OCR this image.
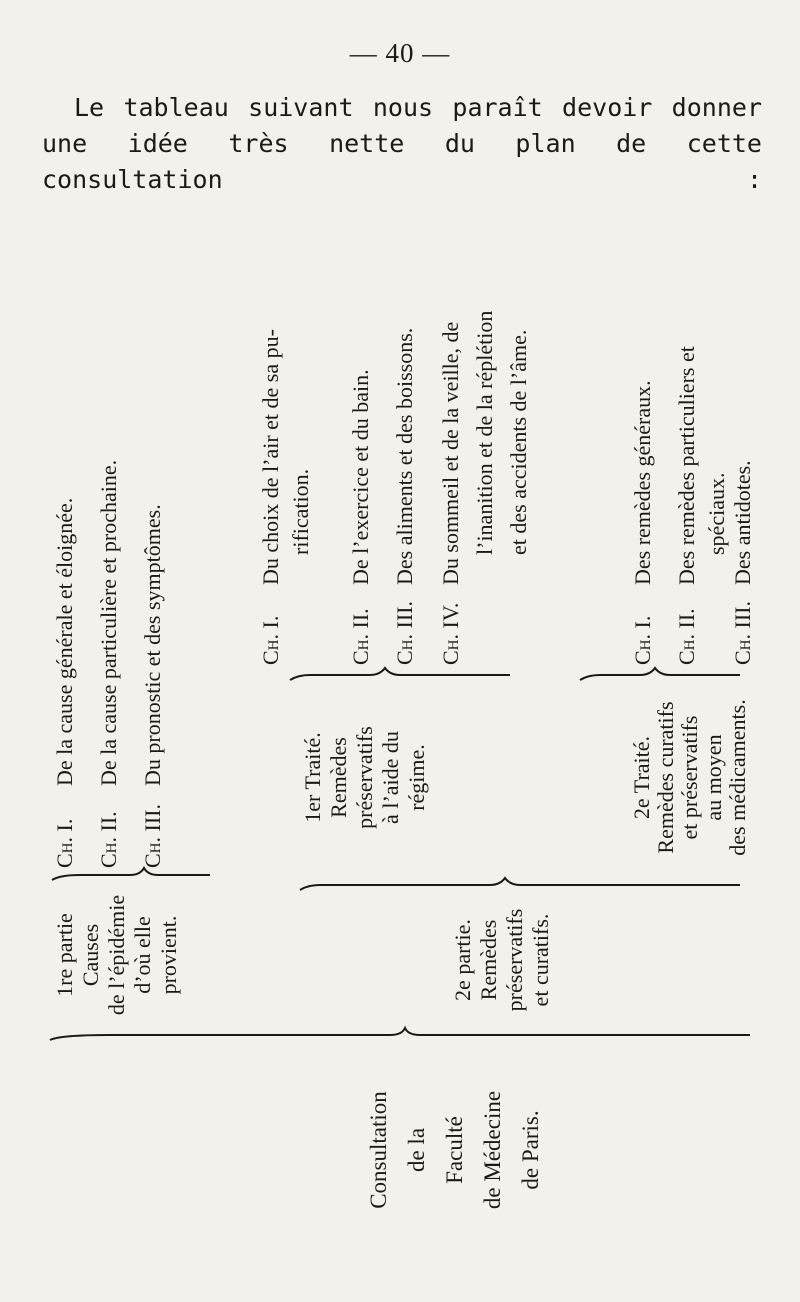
— 40 —
Le tableau suivant nous paraît devoir donner
une idée très nette du plan de cette consultation :
Consultation de la Faculté de Médecine de Paris.
1re partie Causes de l’épidémie d’où elle provient.
Ch. I.
De la cause générale et éloignée.
Ch. II.
De la cause particulière et prochaine.
Ch. III.
Du pronostic et des symptômes.
2e partie. Remèdes préservatifs et curatifs.
1er Traité. Remèdes préservatifs à l’aide du régime.
Ch. I.
Du choix de l’air et de sa pu- rification.
Ch. II.
De l’exercice et du bain.
Ch. III.
Des aliments et des boissons.
Ch. IV.
Du sommeil et de la veille, de l’inanition et de la réplétion et des accidents de l’âme.
2e Traité. Remèdes curatifs et préservatifs au moyen des médicaments.
Ch. I.
Des remèdes généraux.
Ch. II.
Des remèdes particuliers et spéciaux.
Ch. III.
Des antidotes.
